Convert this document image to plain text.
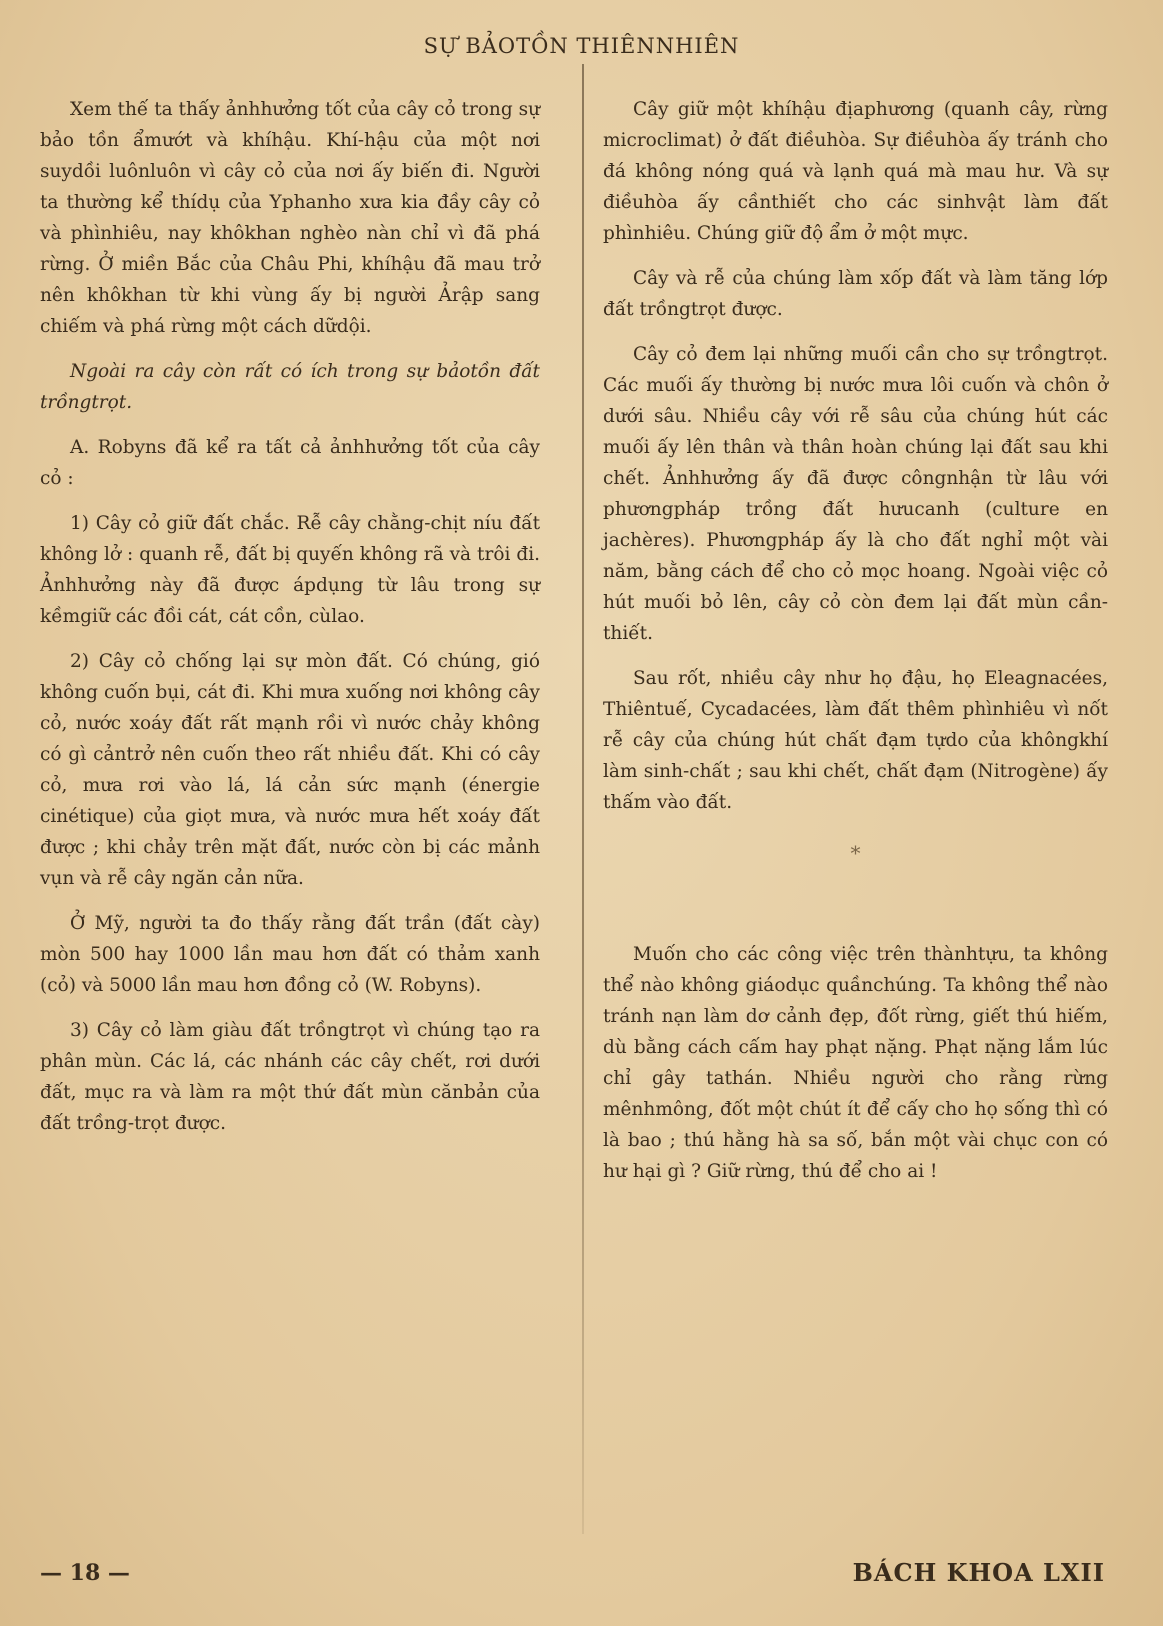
SỰ BẢOTỒN THIÊNNHIÊN

Xem thế ta thấy ảnhhưởng tốt của cây cỏ trong sự bảo tồn ẩmướt và khíhậu. Khí-hậu của một nơi suydồi luônluôn vì cây cỏ của nơi ấy biến đi. Người ta thường kể thídụ của Yphanho xưa kia đầy cây cỏ và phìnhiêu, nay khôkhan nghèo nàn chỉ vì đã phá rừng. Ở miền Bắc của Châu Phi, khíhậu đã mau trở nên khôkhan từ khi vùng ấy bị người Ảrập sang chiếm và phá rừng một cách dữdội.

Ngoài ra cây còn rất có ích trong sự bảotồn đất trồngtrọt.

A. Robyns đã kể ra tất cả ảnhhưởng tốt của cây cỏ :

1) Cây cỏ giữ đất chắc. Rễ cây chằng-chịt níu đất không lở : quanh rễ, đất bị quyến không rã và trôi đi. Ảnhhưởng này đã được ápdụng từ lâu trong sự kềmgiữ các đồi cát, cát cồn, cùlao.

2) Cây cỏ chống lại sự mòn đất. Có chúng, gió không cuốn bụi, cát đi. Khi mưa xuống nơi không cây cỏ, nước xoáy đất rất mạnh rồi vì nước chảy không có gì cảntrở nên cuốn theo rất nhiều đất. Khi có cây cỏ, mưa rơi vào lá, lá cản sức mạnh (énergie cinétique) của giọt mưa, và nước mưa hết xoáy đất được ; khi chảy trên mặt đất, nước còn bị các mảnh vụn và rễ cây ngăn cản nữa.

Ở Mỹ, người ta đo thấy rằng đất trần (đất cày) mòn 500 hay 1000 lần mau hơn đất có thảm xanh (cỏ) và 5000 lần mau hơn đồng cỏ (W. Robyns).

3) Cây cỏ làm giàu đất trồngtrọt vì chúng tạo ra phân mùn. Các lá, các nhánh các cây chết, rơi dưới đất, mục ra và làm ra một thứ đất mùn cănbản của đất trồng-trọt được.

Cây giữ một khíhậu địaphương (quanh cây, rừng microclimat) ở đất điềuhòa. Sự điềuhòa ấy tránh cho đá không nóng quá và lạnh quá mà mau hư. Và sự điềuhòa ấy cầnthiết cho các sinhvật làm đất phìnhiêu. Chúng giữ độ ẩm ở một mực.

Cây và rễ của chúng làm xốp đất và làm tăng lớp đất trồngtrọt được.

Cây cỏ đem lại những muối cần cho sự trồngtrọt. Các muối ấy thường bị nước mưa lôi cuốn và chôn ở dưới sâu. Nhiều cây với rễ sâu của chúng hút các muối ấy lên thân và thân hoàn chúng lại đất sau khi chết. Ảnhhưởng ấy đã được côngnhận từ lâu với phươngpháp trồng đất hưucanh (culture en jachères). Phươngpháp ấy là cho đất nghỉ một vài năm, bằng cách để cho cỏ mọc hoang. Ngoài việc cỏ hút muối bỏ lên, cây cỏ còn đem lại đất mùn cần-thiết.

Sau rốt, nhiều cây như họ đậu, họ Eleagnacées, Thiêntuế, Cycadacées, làm đất thêm phìnhiêu vì nốt rễ cây của chúng hút chất đạm tựdo của khôngkhí làm sinh-chất ; sau khi chết, chất đạm (Nitrogène) ấy thấm vào đất.

*

Muốn cho các công việc trên thànhtựu, ta không thể nào không giáodục quầnchúng. Ta không thể nào tránh nạn làm dơ cảnh đẹp, đốt rừng, giết thú hiếm, dù bằng cách cấm hay phạt nặng. Phạt nặng lắm lúc chỉ gây tathán. Nhiều người cho rằng rừng mênhmông, đốt một chút ít để cấy cho họ sống thì có là bao ; thú hằng hà sa số, bắn một vài chục con có hư hại gì ? Giữ rừng, thú để cho ai !

— 18 —	BÁCH KHOA LXII
